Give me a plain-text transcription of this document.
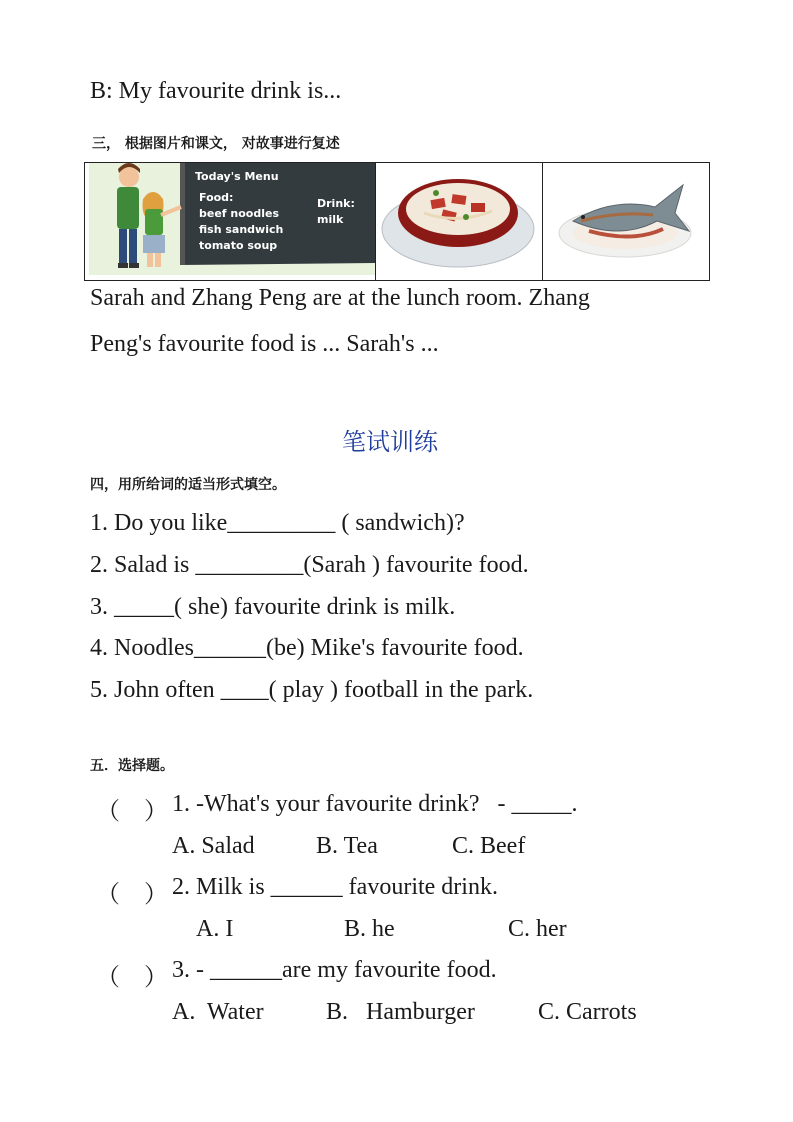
B: My favourite drink is...
三， 根据图片和课文， 对故事进行复述
Today's Menu
Food:
beef noodles
fish sandwich
tomato soup
Drink:
milk

Sarah and Zhang Peng are at the lunch room. Zhang
Peng's favourite food is ... Sarah's ...
笔试训练
四，用所给词的适当形式填空。
1. Do you like_________ ( sandwich)?
2. Salad is _________(Sarah ) favourite food.
3. _____( she) favourite drink is milk.
4. Noodles______(be) Mike's favourite food.
5. John often ____( play ) football in the park.
五．选择题。
（    ） 1. -What's your favourite drink?   - _____.
A. Salad	B. Tea	C. Beef
（    ） 2. Milk is ______ favourite drink.
A. I	B. he	C. her
（    ） 3. - ______are my favourite food.
A.  Water	B.   Hamburger	C. Carrots
